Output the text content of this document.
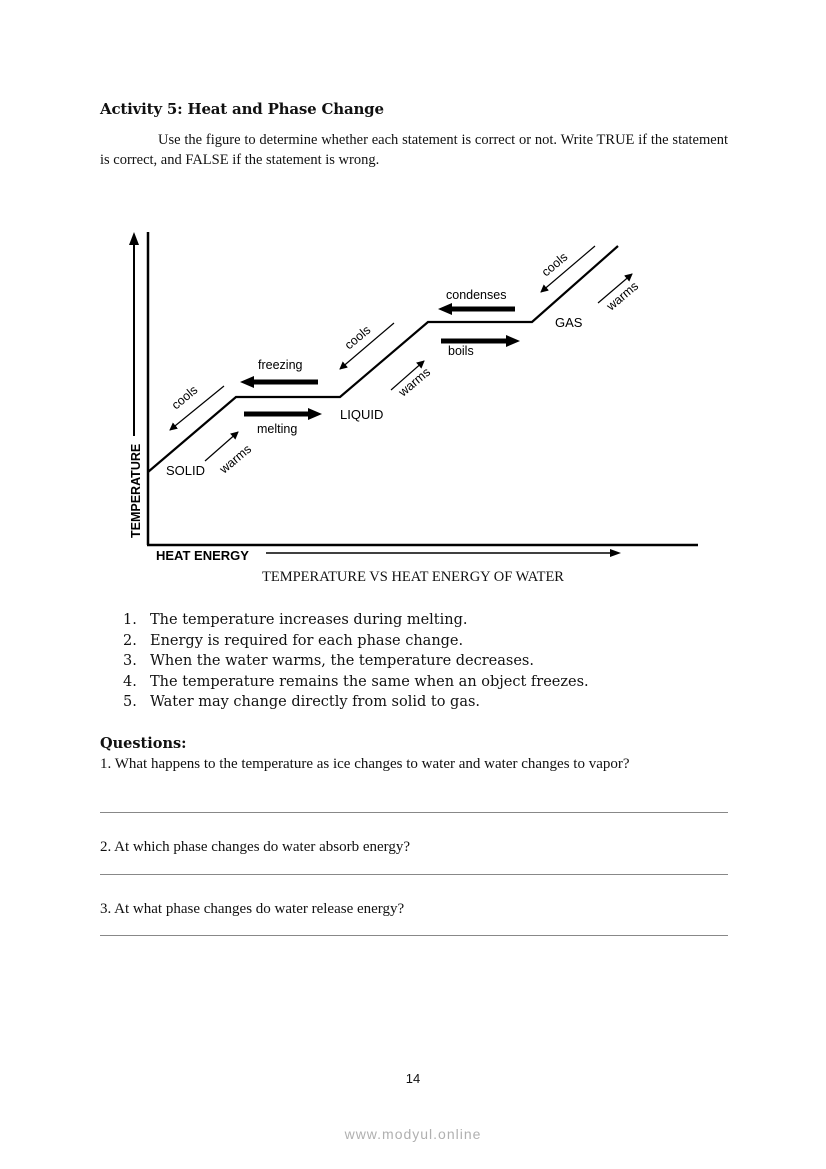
Activity 5: Heat and Phase Change
Use the figure to determine whether each statement is correct or not. Write TRUE if the statement is correct, and FALSE if the statement is wrong.
TEMPERATURE
HEAT ENERGY
cools
warms
SOLID
freezing
melting
LIQUID
cools
warms
condenses
boils
GAS
cools
warms
TEMPERATURE VS HEAT ENERGY OF WATER
1. The temperature increases during melting.
2. Energy is required for each phase change.
3. When the water warms, the temperature decreases.
4. The temperature remains the same when an object freezes.
5. Water may change directly from solid to gas.
Questions:
1. What happens to the temperature as ice changes to water and water changes to vapor?
2. At which phase changes do water absorb energy?
3. At what phase changes do water release energy?
14
www.modyul.online
